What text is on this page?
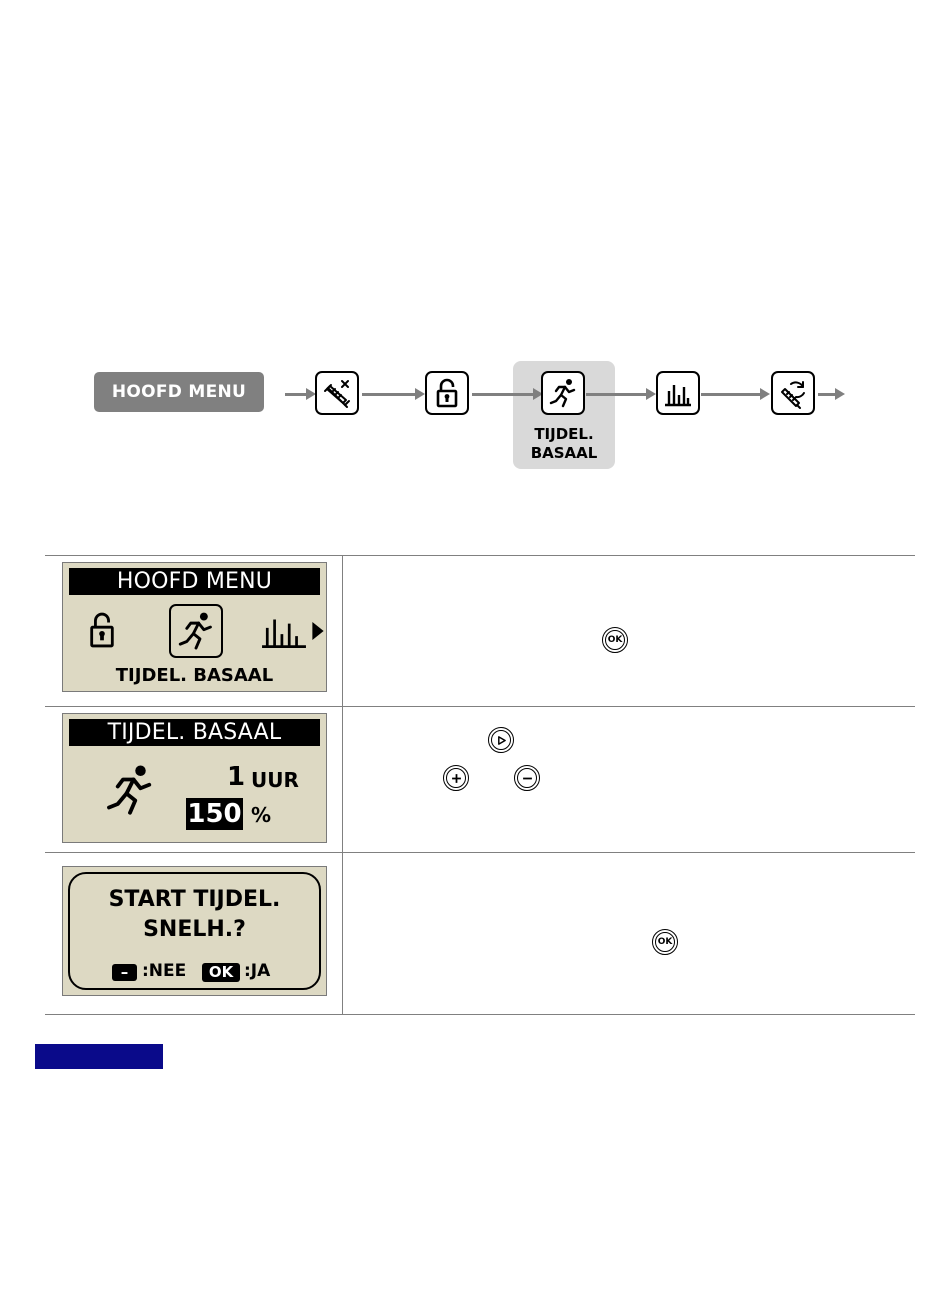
HOOFD MENU
TIJDEL.
BASAAL
HOOFD MENU
TIJDEL. BASAAL
OK
TIJDEL. BASAAL
1 UUR
150 %
START TIJDEL.
SNELH.?
– :NEE	OK :JA
OK
